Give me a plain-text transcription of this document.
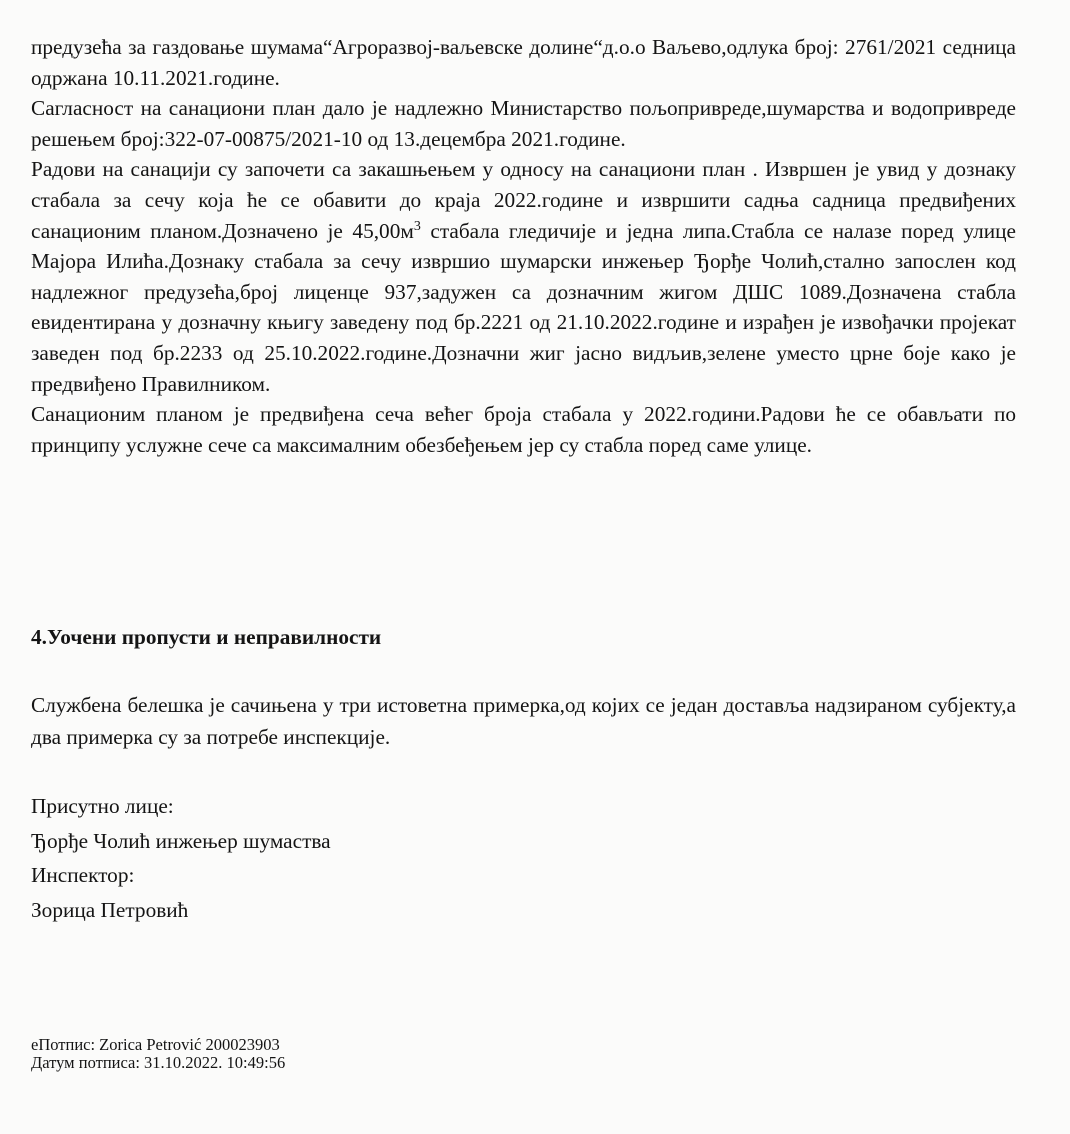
предузећа за газдовање шумама“Агроразвој-ваљевске долине“д.о.о Ваљево,одлука број: 2761/2021 седница одржана 10.11.2021.године.

Сагласност на санациони план дало је надлежно Министарство пољопривреде,шумарства и водопривреде решењем број:322-07-00875/2021-10 од 13.децембра 2021.године.

Радови на санацији су започети са закашњењем у односу на санациони план . Извршен је увид у дознаку стабала за сечу која ће се обавити до краја 2022.године и извршити садња садница предвиђених санационим планом.Дозначено је $45,00м^3$ стабала гледичије и једна липа.Стабла се налазе поред улице Мајора Илића.Дознаку стабала за сечу извршио шумарски инжењер Ђорђе Чолић,стално запослен код надлежног предузећа,број лиценце 937,задужен са дозначним жигом ДШС 1089.Дозначена стабла евидентирана у дозначну књигу заведену под бр.2221 од 21.10.2022.године и израђен је извођачки пројекат заведен под бр.2233 од 25.10.2022.године.Дозначни жиг јасно видљив,зелене уместо црне боје како је предвиђено Правилником.

Санационим планом је предвиђена сеча већег броја стабала у 2022.години.Радови ће се обављати по принципу услужне сече са максималним обезбеђењем јер су стабла поред саме улице.

4.Уочени пропусти и неправилности
Службена белешка је сачињена у три истоветна примерка,од којих се један доставља надзираном субјекту,а два примерка су за потребе инспекције.
Присутно лице:
Ђорђе Чолић инжењер шумаства
Инспектор:
Зорица Петровић
еПотпис: Zorica Petrović 200023903
Датум потписа: 31.10.2022. 10:49:56
